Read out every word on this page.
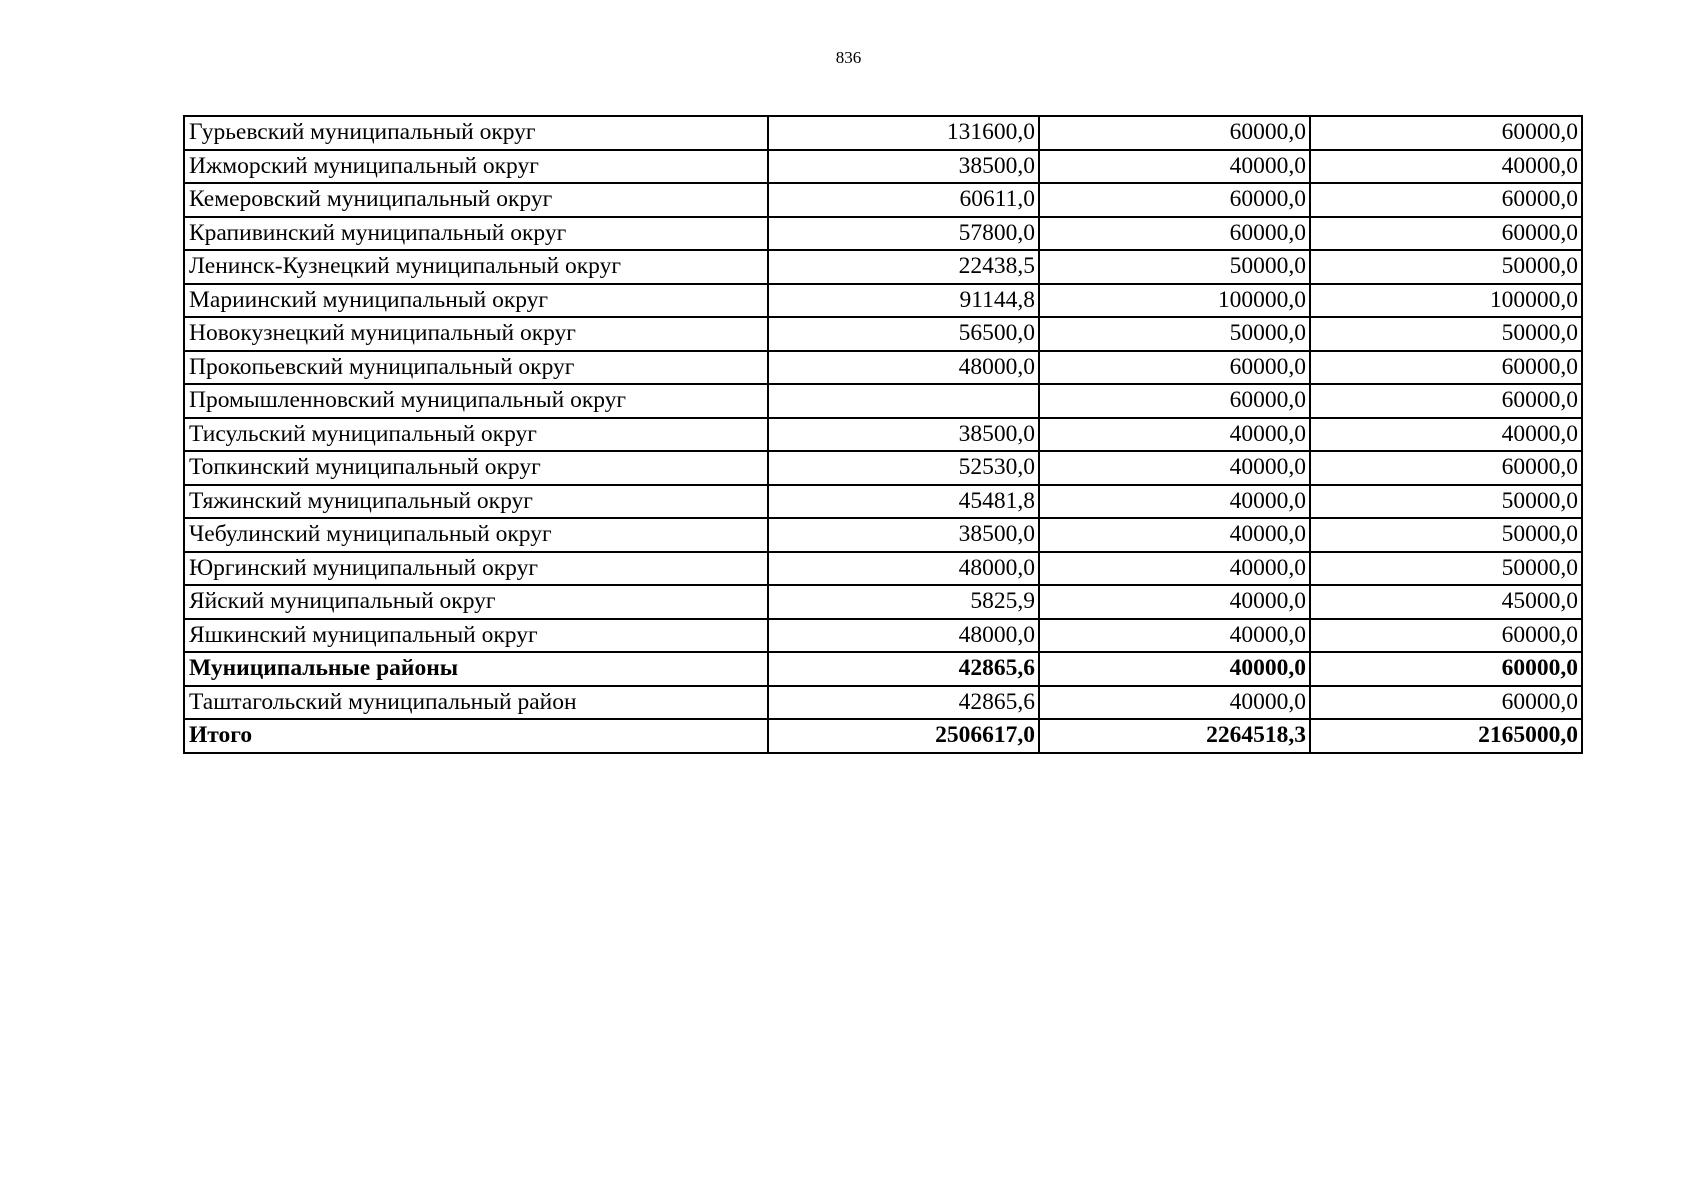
836
Гурьевский муниципальный округ	131600,0	60000,0	60000,0
Ижморский муниципальный округ	38500,0	40000,0	40000,0
Кемеровский муниципальный округ	60611,0	60000,0	60000,0
Крапивинский муниципальный округ	57800,0	60000,0	60000,0
Ленинск-Кузнецкий муниципальный округ	22438,5	50000,0	50000,0
Мариинский муниципальный округ	91144,8	100000,0	100000,0
Новокузнецкий муниципальный округ	56500,0	50000,0	50000,0
Прокопьевский муниципальный округ	48000,0	60000,0	60000,0
Промышленновский муниципальный округ		60000,0	60000,0
Тисульский муниципальный округ	38500,0	40000,0	40000,0
Топкинский муниципальный округ	52530,0	40000,0	60000,0
Тяжинский муниципальный округ	45481,8	40000,0	50000,0
Чебулинский муниципальный округ	38500,0	40000,0	50000,0
Юргинский муниципальный округ	48000,0	40000,0	50000,0
Яйский муниципальный округ	5825,9	40000,0	45000,0
Яшкинский муниципальный округ	48000,0	40000,0	60000,0
Муниципальные районы	42865,6	40000,0	60000,0
Таштагольский муниципальный район	42865,6	40000,0	60000,0
Итого	2506617,0	2264518,3	2165000,0
